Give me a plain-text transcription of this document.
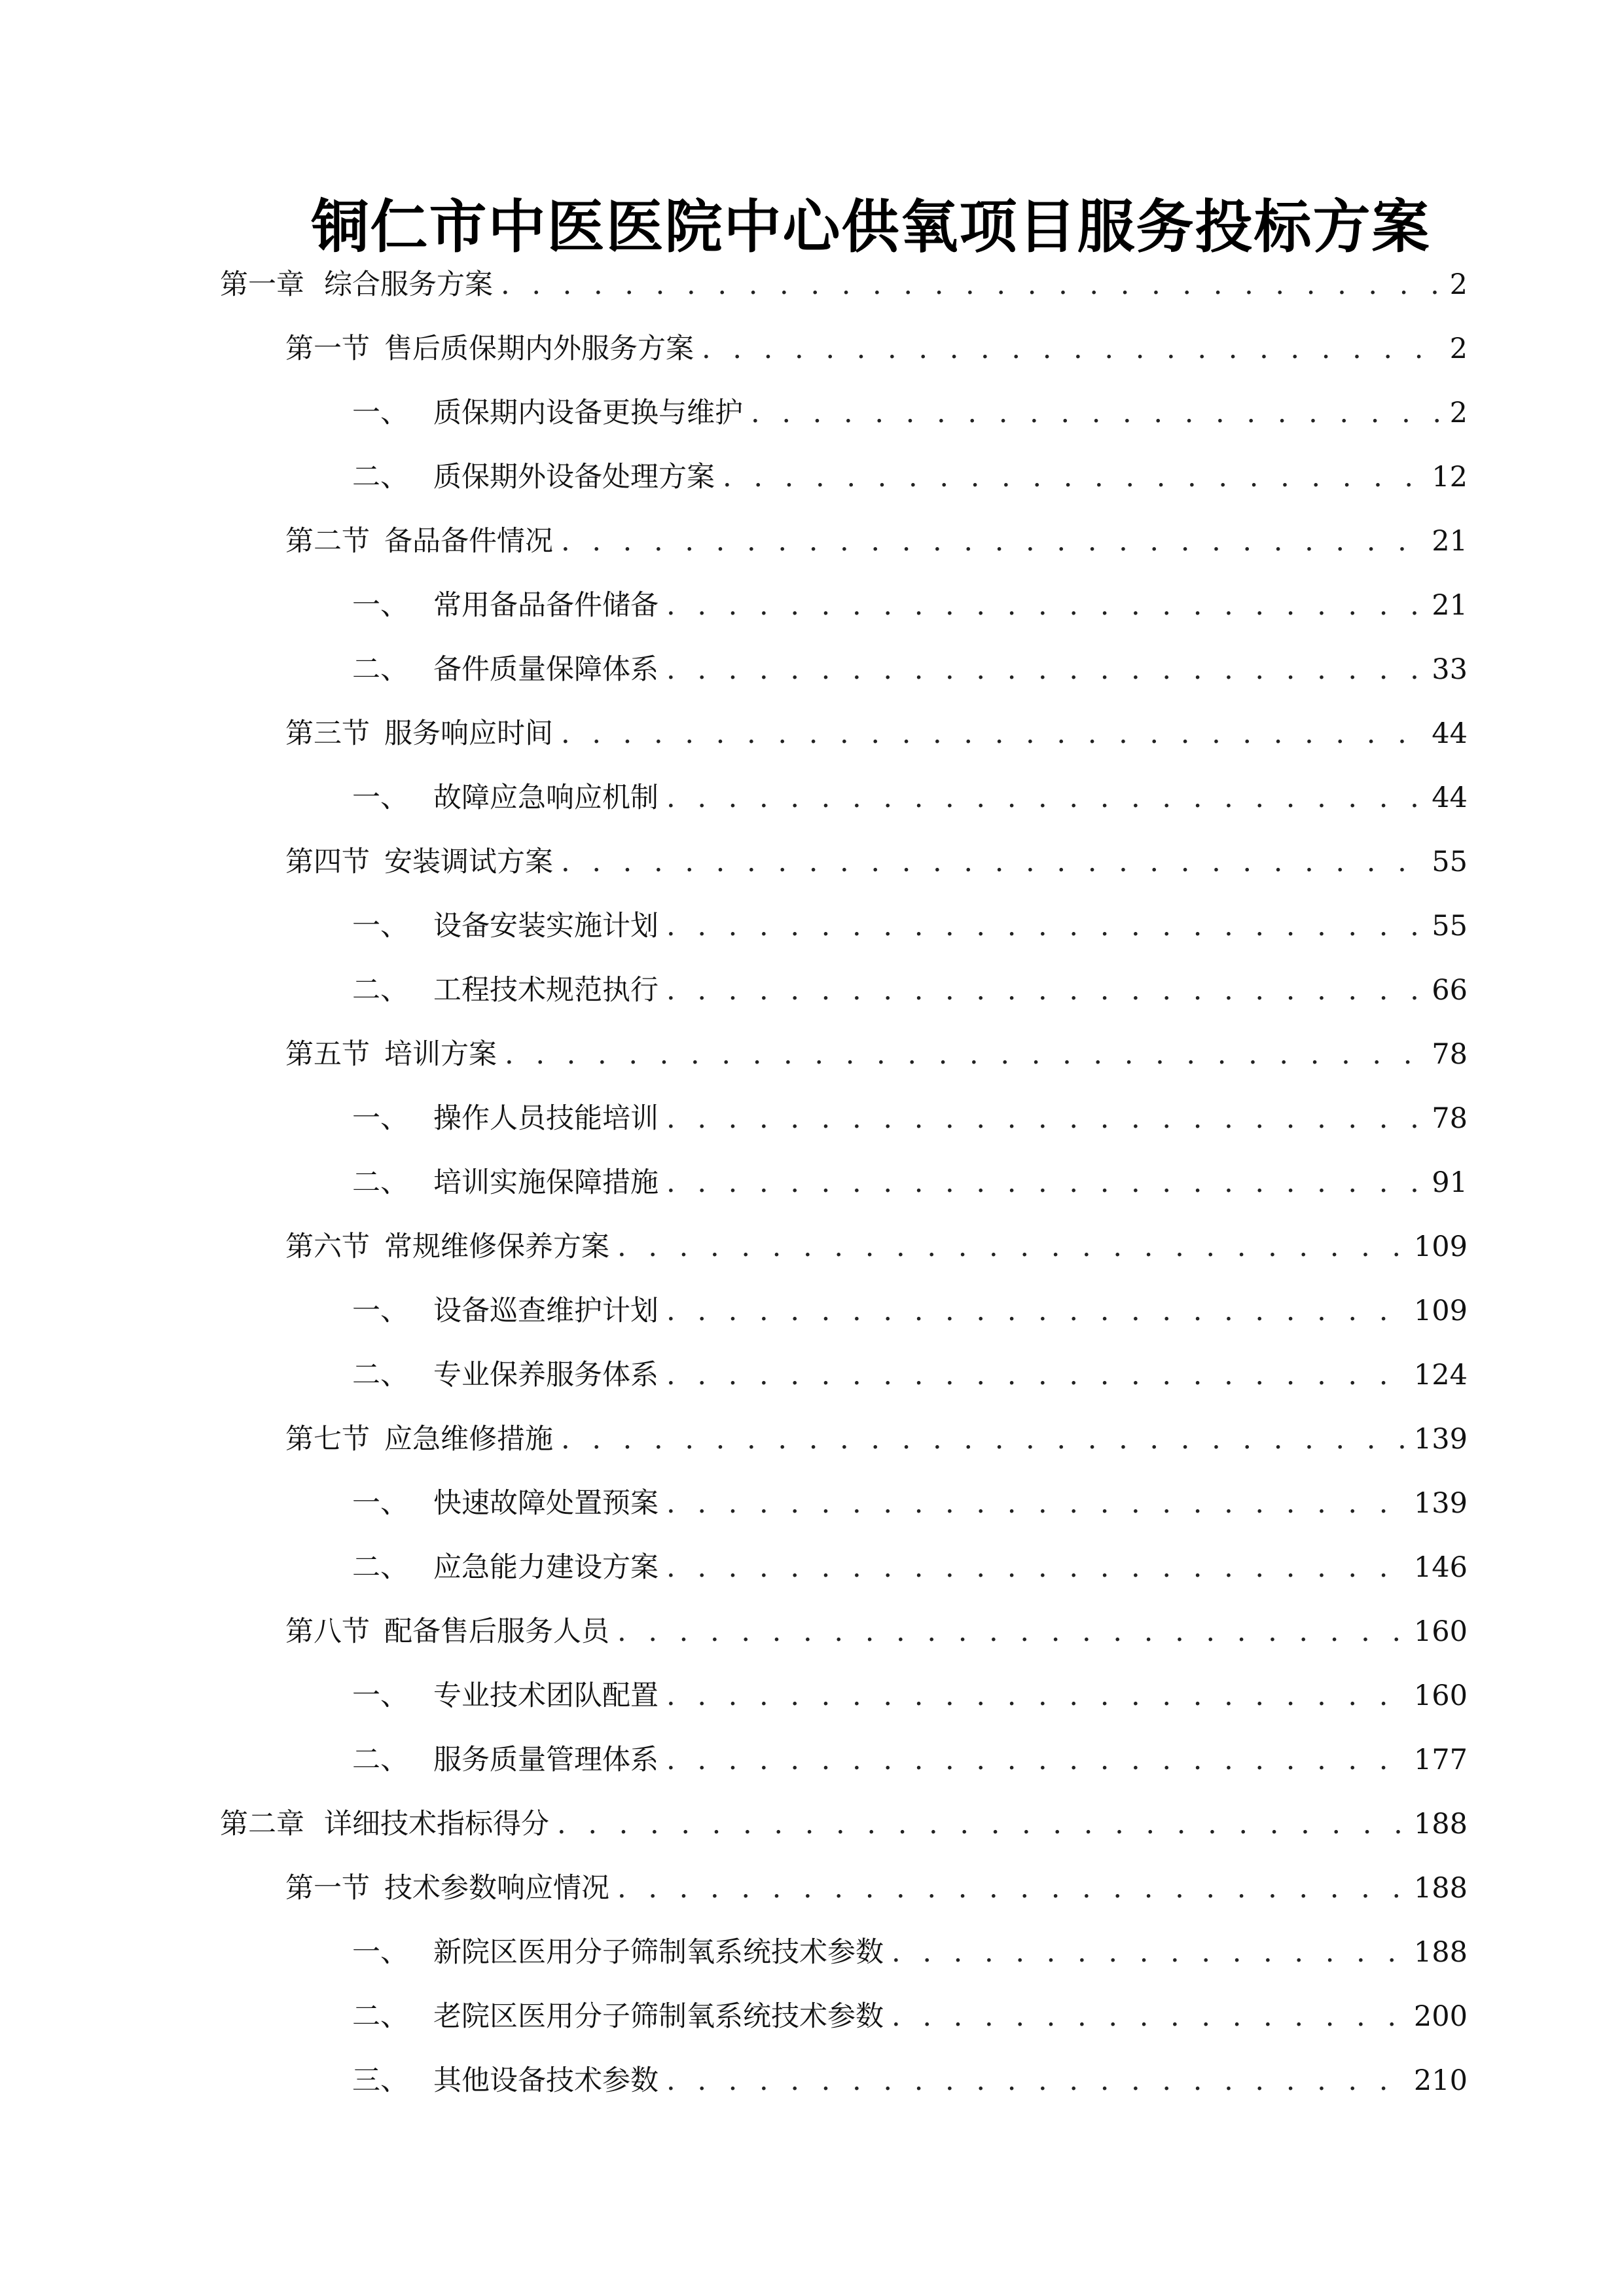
铜仁市中医医院中心供氧项目服务投标方案
第一章 综合服务方案 . . .	2
第一节 售后质保期内外服务方案 . . .	2
一、 质保期内设备更换与维护 . . .	2
二、 质保期外设备处理方案 . . .	12
第二节 备品备件情况 . . .	21
一、 常用备品备件储备 . . .	21
二、 备件质量保障体系 . . .	33
第三节 服务响应时间 . . .	44
一、 故障应急响应机制 . . .	44
第四节 安装调试方案 . . .	55
一、 设备安装实施计划 . . .	55
二、 工程技术规范执行 . . .	66
第五节 培训方案 . . .	78
一、 操作人员技能培训 . . .	78
二、 培训实施保障措施 . . .	91
第六节 常规维修保养方案 . . .	109
一、 设备巡查维护计划 . . .	109
二、 专业保养服务体系 . . .	124
第七节 应急维修措施 . . .	139
一、 快速故障处置预案 . . .	139
二、 应急能力建设方案 . . .	146
第八节 配备售后服务人员 . . .	160
一、 专业技术团队配置 . . .	160
二、 服务质量管理体系 . . .	177
第二章 详细技术指标得分 . . .	188
第一节 技术参数响应情况 . . .	188
一、 新院区医用分子筛制氧系统技术参数 . . .	188
二、 老院区医用分子筛制氧系统技术参数 . . .	200
三、 其他设备技术参数 . . .	210
